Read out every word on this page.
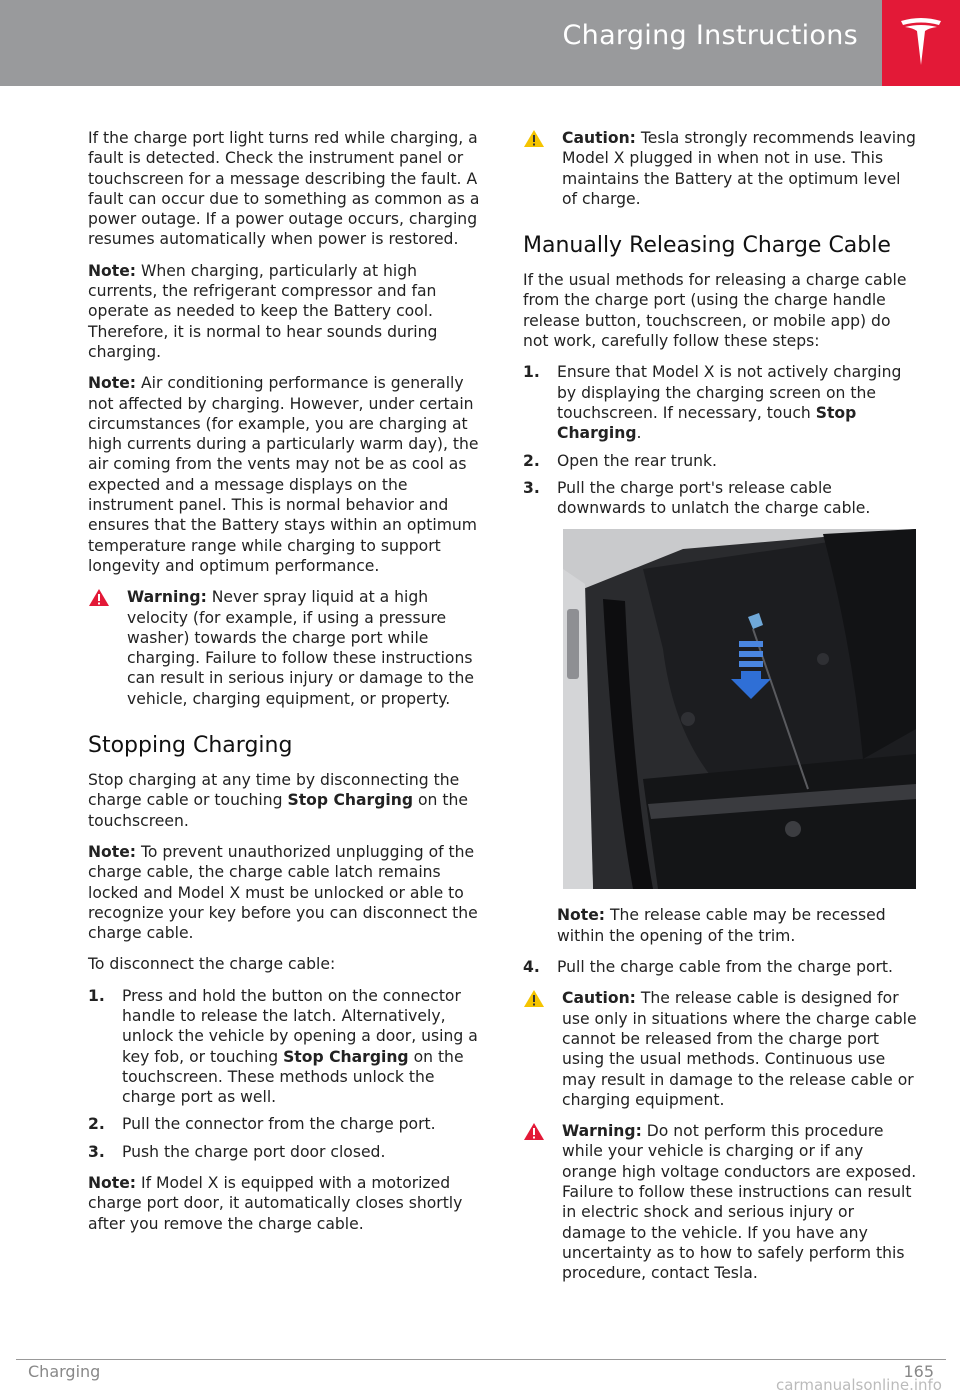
Charging Instructions

If the charge port light turns red while charging, a fault is detected. Check the instrument panel or touchscreen for a message describing the fault. A fault can occur due to something as common as a power outage. If a power outage occurs, charging resumes automatically when power is restored.

Note: When charging, particularly at high currents, the refrigerant compressor and fan operate as needed to keep the Battery cool. Therefore, it is normal to hear sounds during charging.

Note: Air conditioning performance is generally not affected by charging. However, under certain circumstances (for example, you are charging at high currents during a particularly warm day), the air coming from the vents may not be as cool as expected and a message displays on the instrument panel. This is normal behavior and ensures that the Battery stays within an optimum temperature range while charging to support longevity and optimum performance.

Warning: Never spray liquid at a high velocity (for example, if using a pressure washer) towards the charge port while charging. Failure to follow these instructions can result in serious injury or damage to the vehicle, charging equipment, or property.
Stopping Charging

Stop charging at any time by disconnecting the charge cable or touching Stop Charging on the touchscreen.

Note: To prevent unauthorized unplugging of the charge cable, the charge cable latch remains locked and Model X must be unlocked or able to recognize your key before you can disconnect the charge cable.

To disconnect the charge cable:

1. Press and hold the button on the connector handle to release the latch. Alternatively, unlock the vehicle by opening a door, using a key fob, or touching Stop Charging on the touchscreen. These methods unlock the charge port as well.
2. Pull the connector from the charge port.
3. Push the charge port door closed.

Note: If Model X is equipped with a motorized charge port door, it automatically closes shortly after you remove the charge cable.

Caution: Tesla strongly recommends leaving Model X plugged in when not in use. This maintains the Battery at the optimum level of charge.
Manually Releasing Charge Cable

If the usual methods for releasing a charge cable from the charge port (using the charge handle release button, touchscreen, or mobile app) do not work, carefully follow these steps:

1. Ensure that Model X is not actively charging by displaying the charging screen on the touchscreen. If necessary, touch Stop Charging.
2. Open the rear trunk.
3. Pull the charge port's release cable downwards to unlatch the charge cable.

Note: The release cable may be recessed within the opening of the trim.

4. Pull the charge cable from the charge port.
Caution: The release cable is designed for use only in situations where the charge cable cannot be released from the charge port using the usual methods. Continuous use may result in damage to the release cable or charging equipment.
Warning: Do not perform this procedure while your vehicle is charging or if any orange high voltage conductors are exposed. Failure to follow these instructions can result in electric shock and serious injury or damage to the vehicle. If you have any uncertainty as to how to safely perform this procedure, contact Tesla.
Charging	165
carmanualsonline.info
